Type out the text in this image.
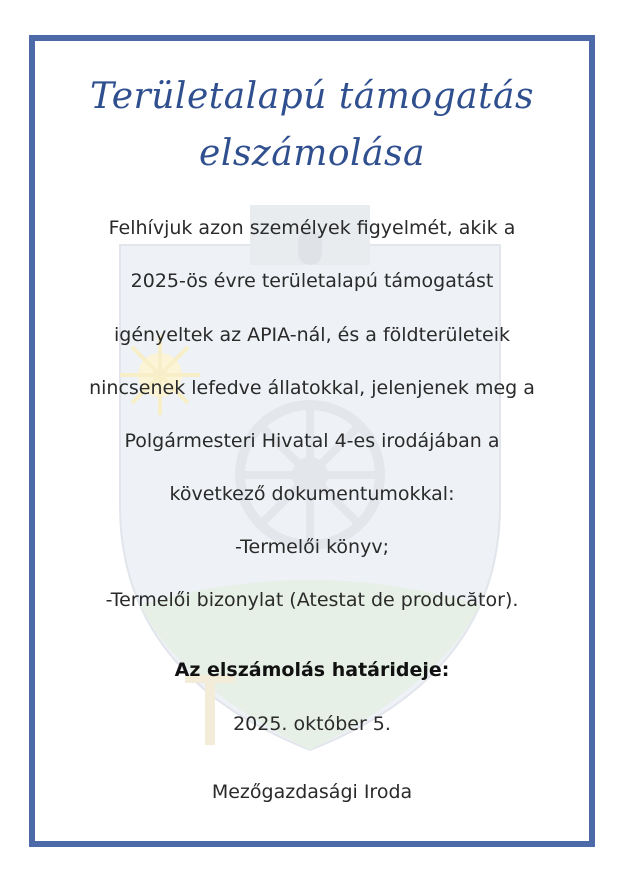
Területalapú támogatás
elszámolása
Felhívjuk azon személyek figyelmét, akik a
2025-ös évre területalapú támogatást
igényeltek az APIA-nál, és a földterületeik
nincsenek lefedve állatokkal, jelenjenek meg a
Polgármesteri Hivatal 4-es irodájában a
következő dokumentumokkal:
-Termelői könyv;
-Termelői bizonylat (Atestat de producător).
Az elszámolás határideje:
2025. október 5.
Mezőgazdasági Iroda
